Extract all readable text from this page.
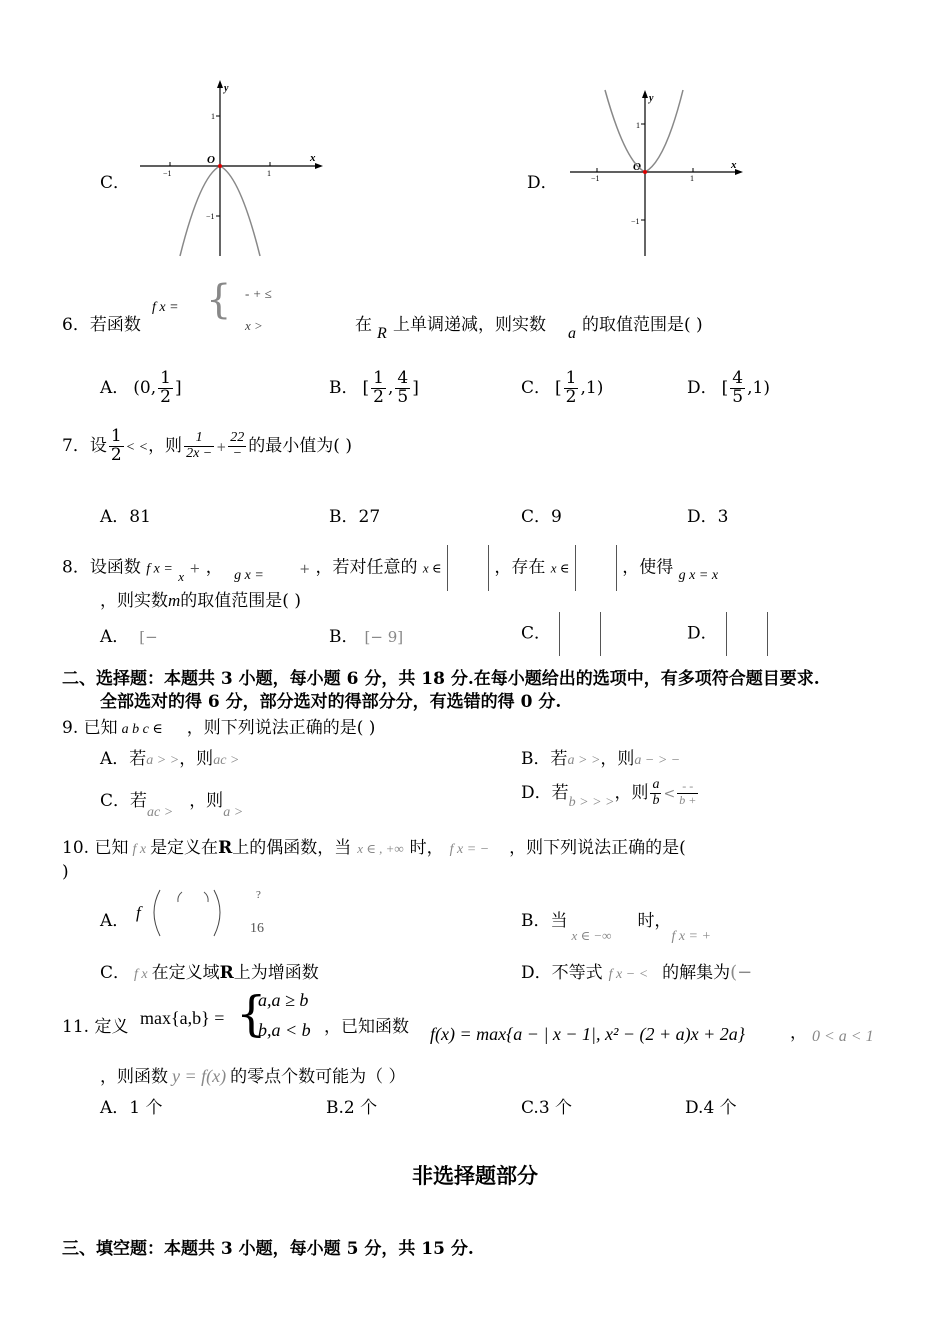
C．
y
x
O
−1	1
1
−1
D．
y
x
O
−1	1
1
−1
6．若函数
f x = { - + ≤
x >	在 R 上单调递减，则实数 a 的取值范围是( )
A． (0, $\frac{1}{2}$ ]	B． [ $\frac{1}{2}$ , $\frac{4}{5}$ ]	C． [ $\frac{1}{2} ,1$)	D． [ $\frac{4}{5} ,1$)
7．设 $\frac{1}{2}$ < <，则 $\frac{1}{2x -}$ +
22
− 的最小值为( )
A．81	B．27	C．9	D．3
8．设函数 f x = $_x$ + ， $_{g x =}$	+ ，若对任意的 x ∈	，存在 x ∈	，使得 $_{g x = x}$
，则实数m的取值范围是( )
A． [−	B． [− 9]	C．	D．
二、选择题：本题共 3 小题，每小题 6 分，共 18 分.在每小题给出的选项中，有多项符合题目要求.
全部选对的得 6 分，部分选对的得部分分，有选错的得 0 分.
9. 已知 a b c ∈ ，则下列说法正确的是( )
A．若a > >，则ac >	B．若a > >，则a − > −
C．若$_{ac >}$，则$_{a >}$
D．若$_{b > > >}$，则 $\frac{a}{b}$ < - -
b +
10. 已知 f x 是定义在R上的偶函数，当 x ∈ , +∞ 时， f x = − ，则下列说法正确的是(
)
A． f
?
16	B．当$_{x \in -\infty}$时，$_{f x = +}$
C． f x 在定义域R上为增函数	D．不等式 f x − < 的解集为(−
11. 定义 max{a,b} = {
a,a ≥ b
b,a < b ，已知函数 f(x) = max{a − | x − 1|, x² − (2 + a)x + 2a}	， 0 < a < 1
，则函数 y = f(x) 的零点个数可能为（ ）
A．1 个	B.2 个	C.3 个	D.4 个
非选择题部分
三、填空题：本题共 3 小题，每小题 5 分，共 15 分.
